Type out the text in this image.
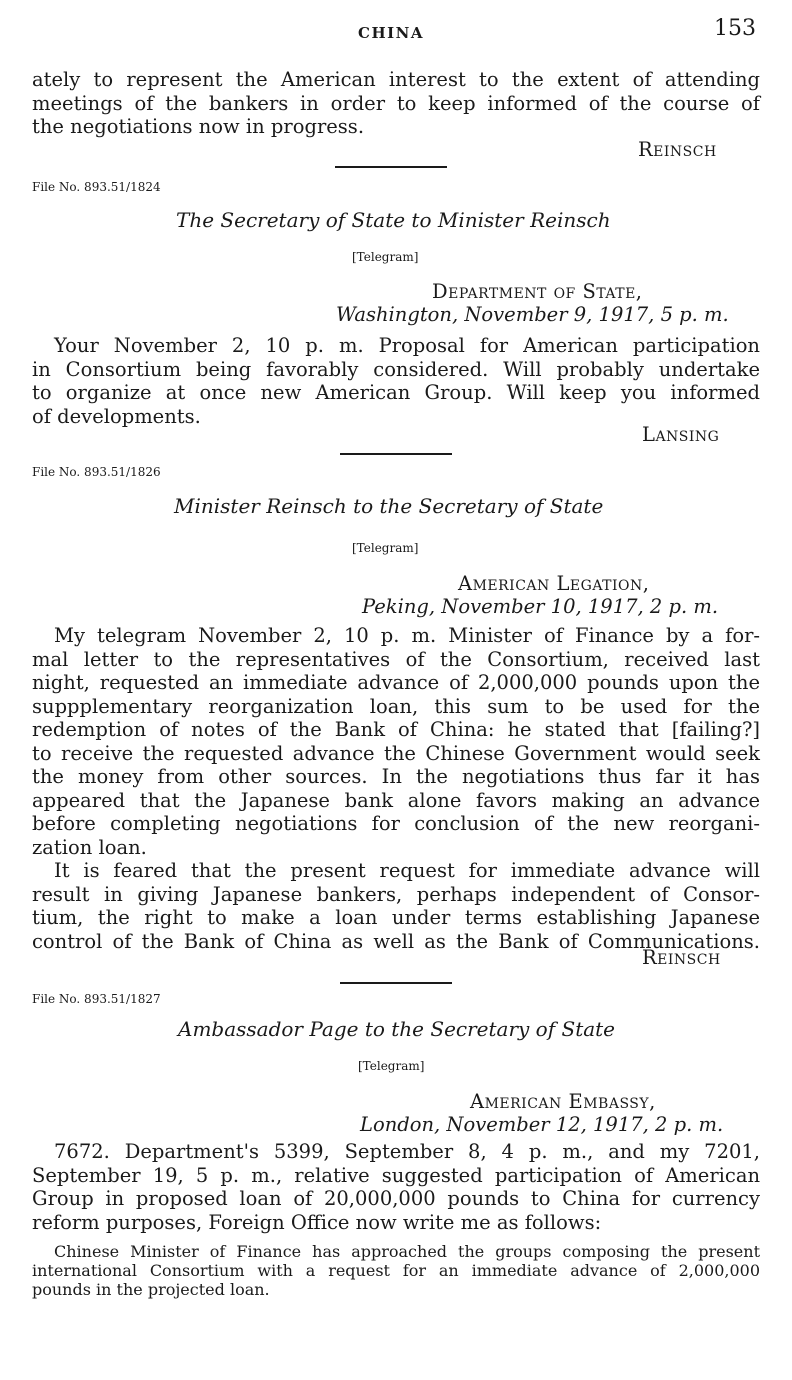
CHINA	153
ately to represent the American interest to the extent of attending
meetings of the bankers in order to keep informed of the course of
the negotiations now in progress.
Reinsch
File No. 893.51/1824
The Secretary of State to Minister Reinsch
[Telegram]
Department of State,
Washington, November 9, 1917, 5 p. m.
Your November 2, 10 p. m. Proposal for American participation
in Consortium being favorably considered. Will probably undertake
to organize at once new American Group. Will keep you informed
of developments.
Lansing
File No. 893.51/1826
Minister Reinsch to the Secretary of State
[Telegram]
American Legation,
Peking, November 10, 1917, 2 p. m.
My telegram November 2, 10 p. m. Minister of Finance by a for-
mal letter to the representatives of the Consortium, received last
night, requested an immediate advance of 2,000,000 pounds upon the
suppplementary reorganization loan, this sum to be used for the
redemption of notes of the Bank of China: he stated that [failing?]
to receive the requested advance the Chinese Government would seek
the money from other sources. In the negotiations thus far it has
appeared that the Japanese bank alone favors making an advance
before completing negotiations for conclusion of the new reorgani-
zation loan.
It is feared that the present request for immediate advance will
result in giving Japanese bankers, perhaps independent of Consor-
tium, the right to make a loan under terms establishing Japanese
control of the Bank of China as well as the Bank of Communications.
Reinsch
File No. 893.51/1827
Ambassador Page to the Secretary of State
[Telegram]
American Embassy,
London, November 12, 1917, 2 p. m.
7672. Department's 5399, September 8, 4 p. m., and my 7201,
September 19, 5 p. m., relative suggested participation of American
Group in proposed loan of 20,000,000 pounds to China for currency
reform purposes, Foreign Office now write me as follows:
Chinese Minister of Finance has approached the groups composing the present
international Consortium with a request for an immediate advance of 2,000,000
pounds in the projected loan.
